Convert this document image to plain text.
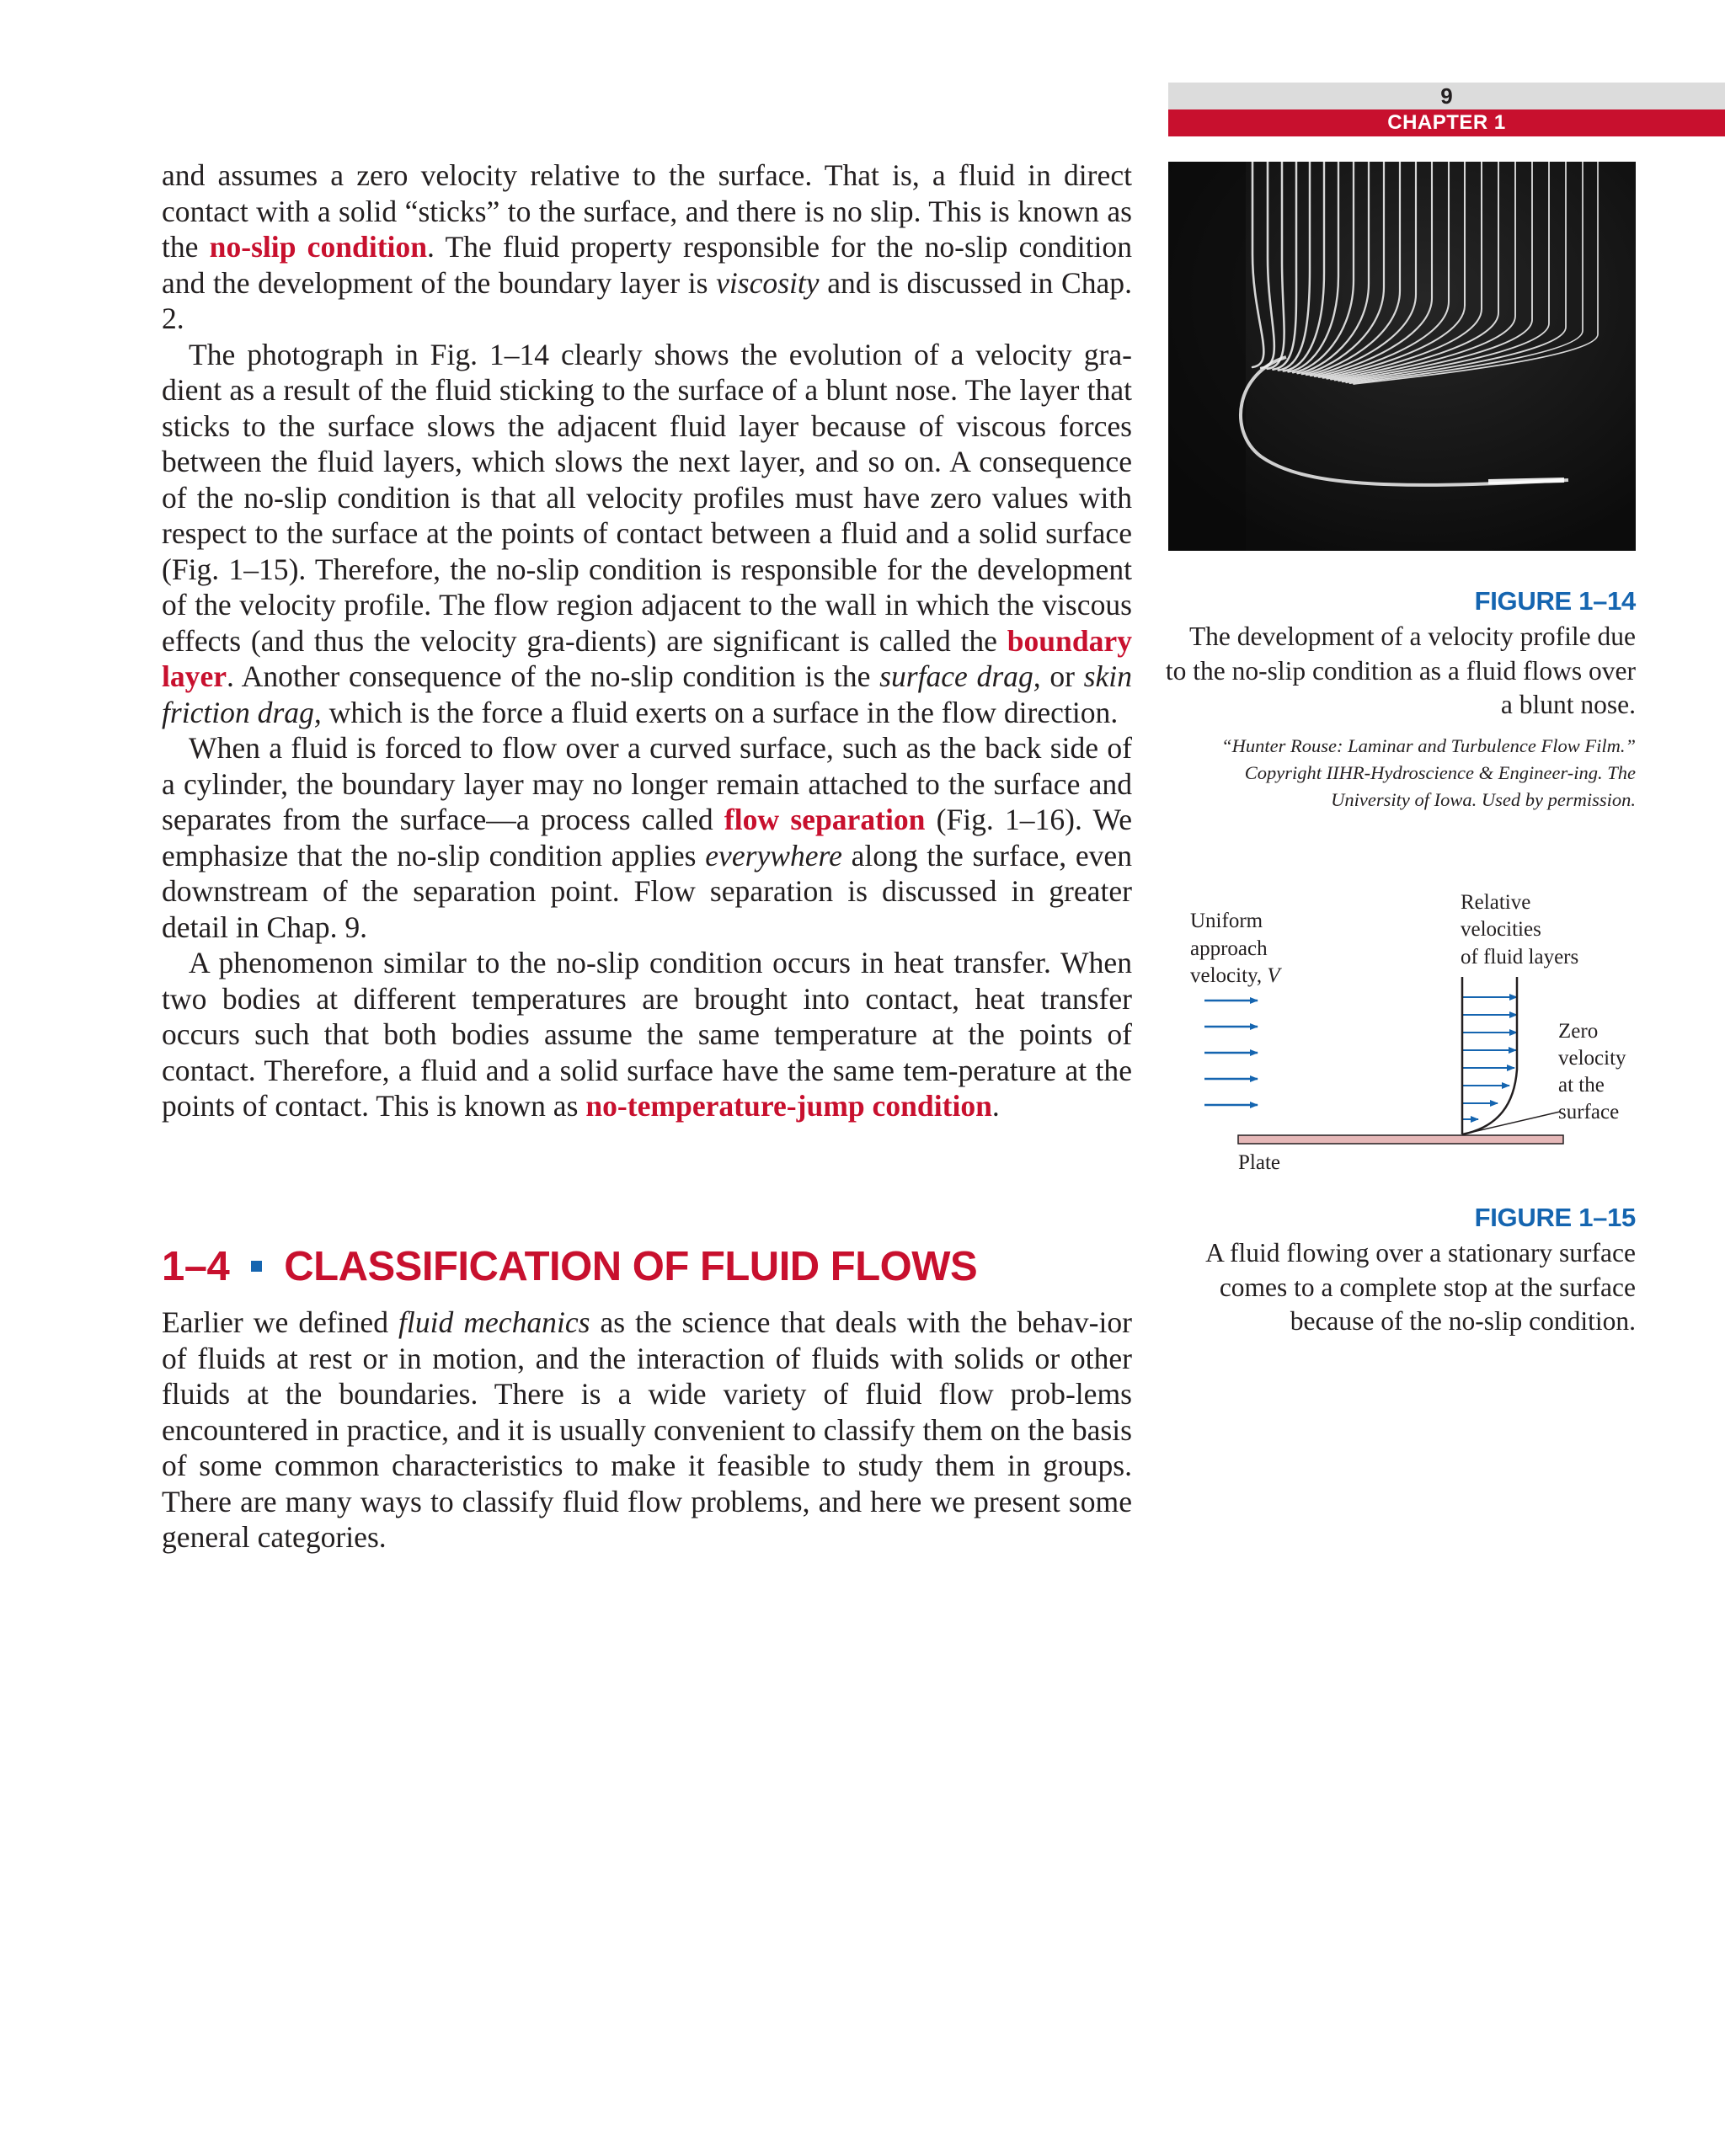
9
CHAPTER 1

and assumes a zero velocity relative to the surface. That is, a fluid in direct contact with a solid “sticks” to the surface, and there is no slip. This is known as the no-slip condition. The fluid property responsible for the no-​slip condition and the development of the boundary layer is viscosity and is discussed in Chap. 2.

The photograph in Fig. 1–14 clearly shows the evolution of a velocity gra-​dient as a result of the fluid sticking to the surface of a blunt nose. The layer that sticks to the surface slows the adjacent fluid layer because of viscous forces between the fluid layers, which slows the next layer, and so on. A consequence of the no-slip condition is that all velocity profiles must have zero values with respect to the surface at the points of contact between a fluid and a solid surface (Fig. 1–15). Therefore, the no-slip condition is responsible for the development of the velocity profile. The flow region adjacent to the wall in which the viscous effects (and thus the velocity gra-​dients) are significant is called the boundary layer. Another consequence of the no-slip condition is the surface drag, or skin friction drag, which is the force a fluid exerts on a surface in the flow direction.

When a fluid is forced to flow over a curved surface, such as the back side of a cylinder, the boundary layer may no longer remain attached to the surface and separates from the surface—a process called flow separation (Fig. 1–16). We emphasize that the no-slip condition applies everywhere along the surface, even downstream of the separation point. Flow separation is discussed in greater detail in Chap. 9.

A phenomenon similar to the no-slip condition occurs in heat transfer. When two bodies at different temperatures are brought into contact, heat transfer occurs such that both bodies assume the same temperature at the points of contact. Therefore, a fluid and a solid surface have the same tem-​perature at the points of contact. This is known as no-temperature-jump condition.

1–4 CLASSIFICATION OF FLUID FLOWS

Earlier we defined fluid mechanics as the science that deals with the behav-​ior of fluids at rest or in motion, and the interaction of fluids with solids or other fluids at the boundaries. There is a wide variety of fluid flow prob-​lems encountered in practice, and it is usually convenient to classify them on the basis of some common characteristics to make it feasible to study them in groups. There are many ways to classify fluid flow problems, and here we present some general categories.

FIGURE 1–14
The development of a velocity profile due to the no-slip condition as a fluid flows over a blunt nose.
“Hunter Rouse: Laminar and Turbulence Flow Film.” Copyright IIHR-Hydroscience & Engineer-​ing. The University of Iowa. Used by permission.
Uniform
approach
velocity, V
Relative
velocities
of fluid layers
Zero
velocity
at the
surface
Plate
FIGURE 1–15
A fluid flowing over a stationary surface comes to a complete stop at the surface because of the no-slip condition.
